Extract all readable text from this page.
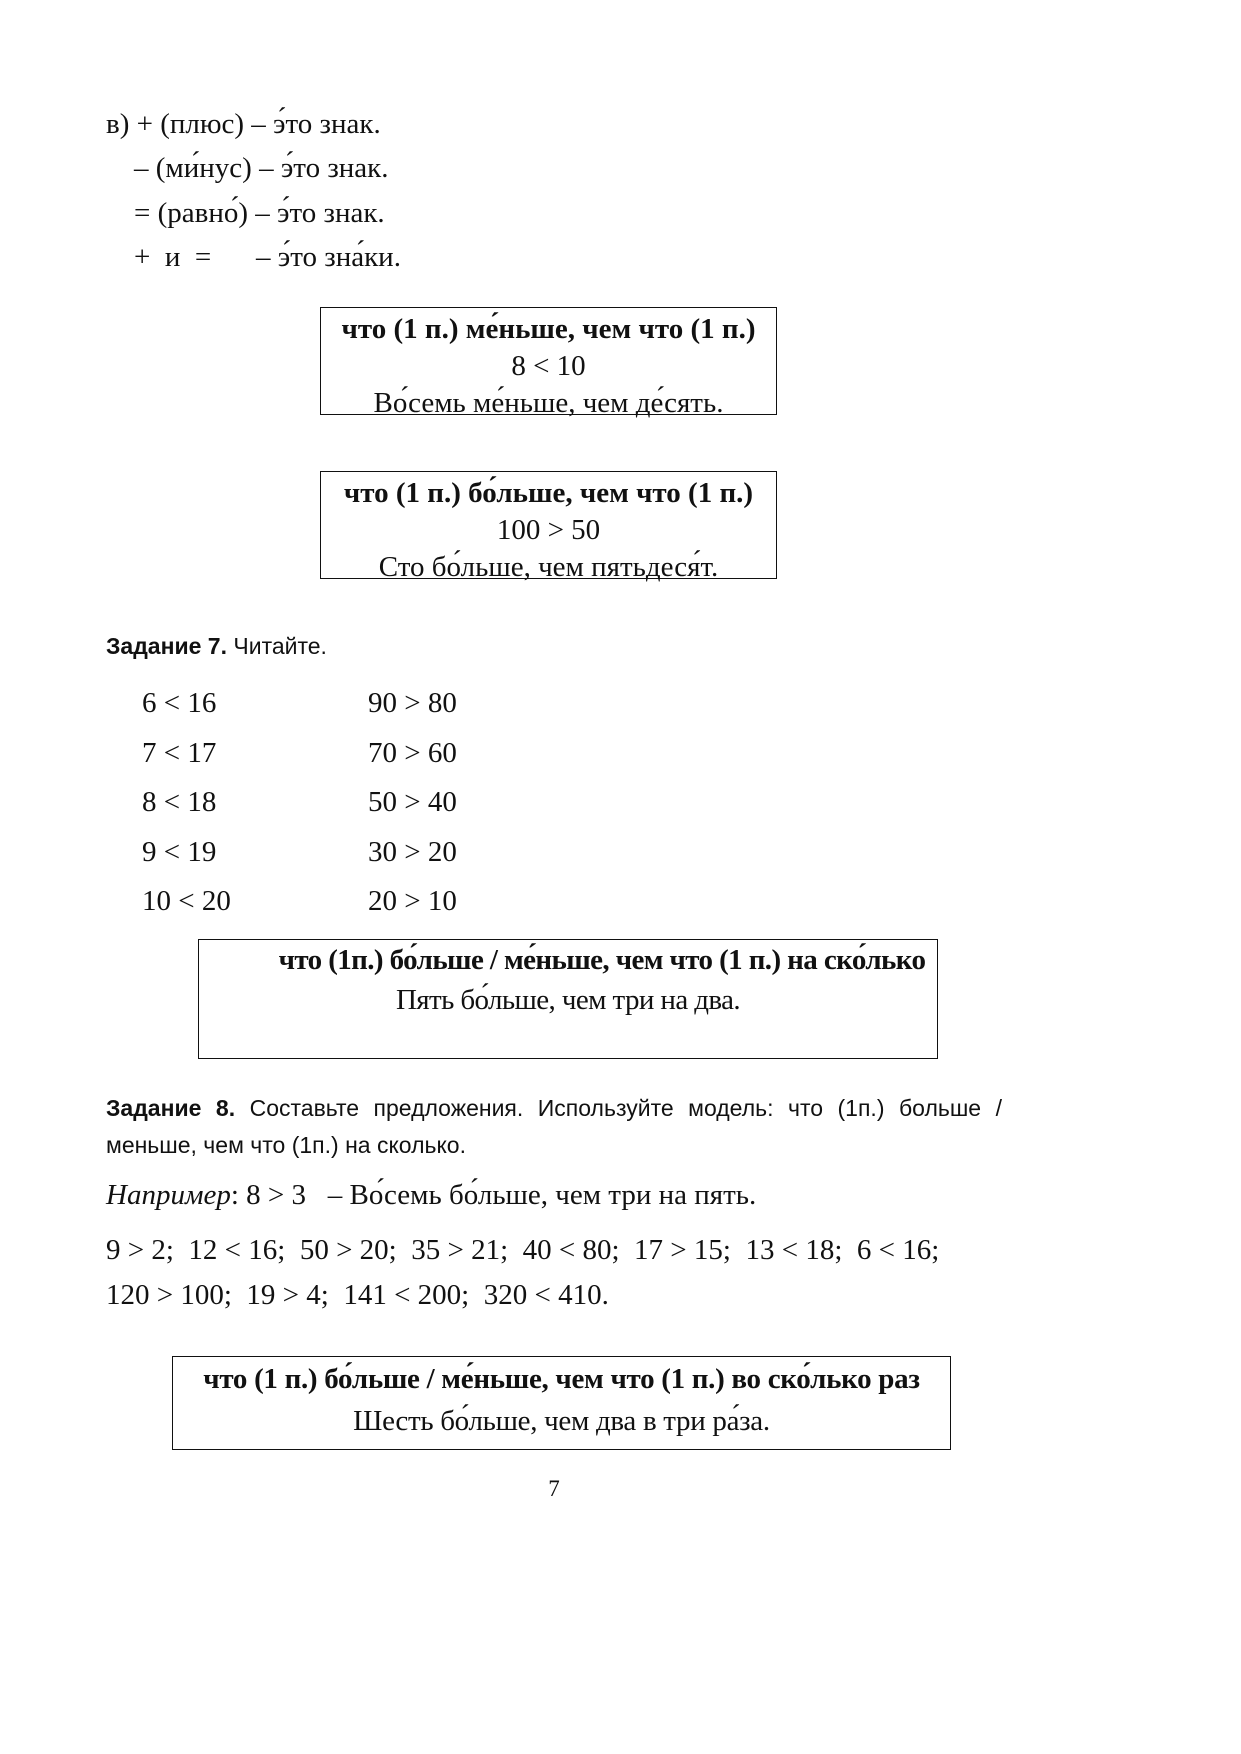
в) + (плюс) – э́то знак.
– (ми́нус) – э́то знак.
= (равно́) – э́то знак.
+  и  = – э́то зна́ки.
что (1 п.) ме́ньше, чем что (1 п.)
8 < 10
Во́семь ме́ньше, чем де́сять.
что (1 п.) бо́льше, чем что (1 п.)
100 > 50
Сто бо́льше, чем пятьдеся́т.
Задание 7. Читайте.
6 < 16
7 < 17
8 < 18
9 < 19
10 < 20
90 > 80
70 > 60
50 > 40
30 > 20
20 > 10
что (1п.) бо́льше / ме́ньше, чем что (1 п.) на ско́лько
Пять бо́льше, чем три на два.
Задание 8. Составьте предложения. Используйте модель: что (1п.) больше /
меньше, чем что (1п.) на сколько.
Например: 8 > 3   – Во́семь бо́льше, чем три на пять.
9 > 2;  12 < 16;  50 > 20;  35 > 21;  40 < 80;  17 > 15;  13 < 18;  6 < 16;
120 > 100;  19 > 4;  141 < 200;  320 < 410.
что (1 п.) бо́льше / ме́ньше, чем что (1 п.) во ско́лько раз
Шесть бо́льше, чем два в три ра́за.
7
